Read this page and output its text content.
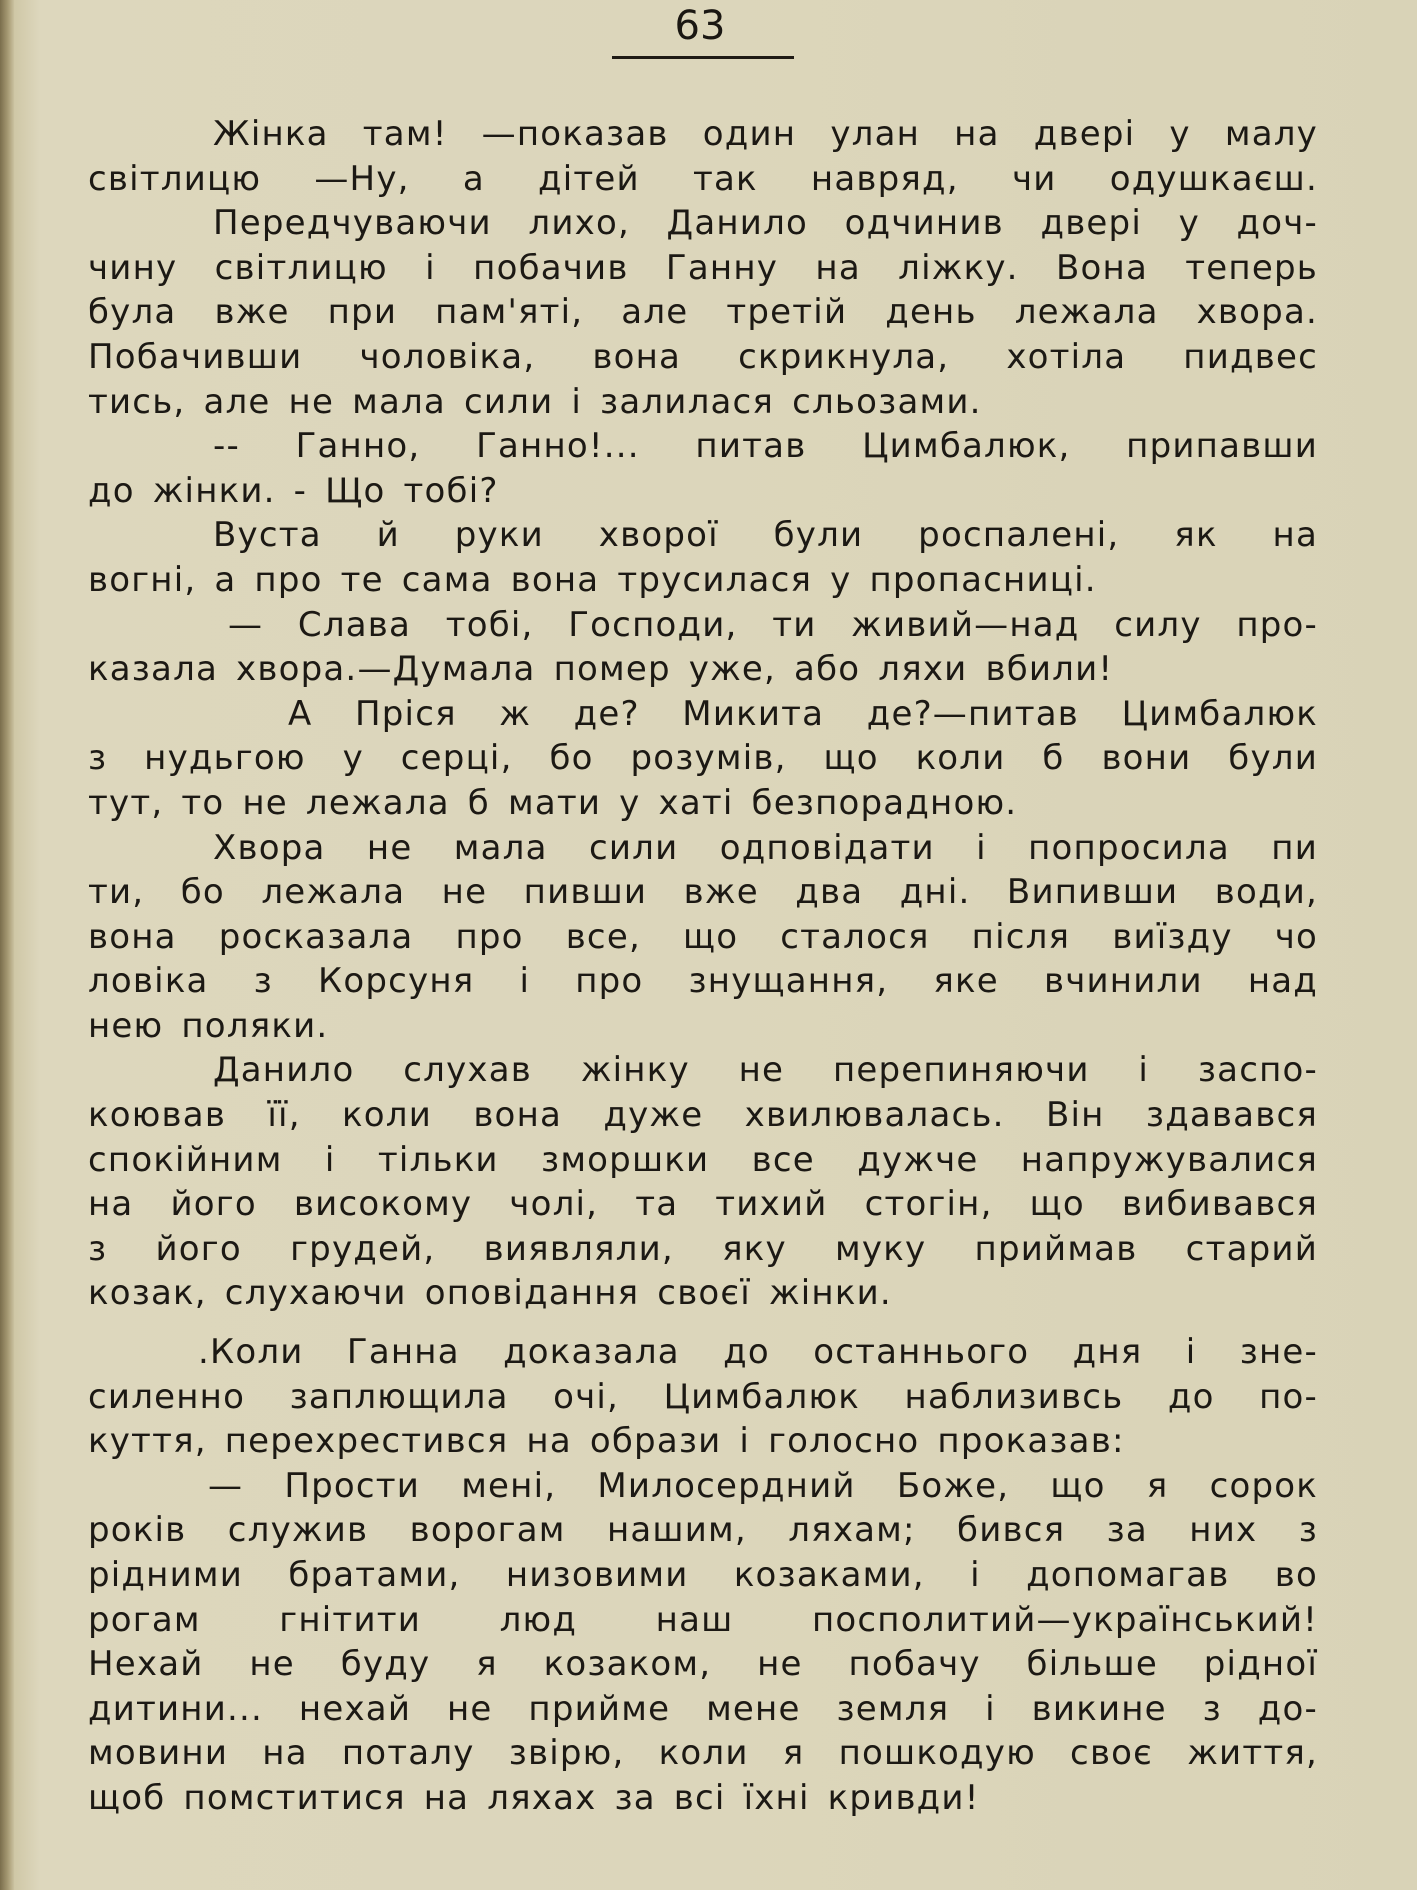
63
Жінка там! —показав один улан на двері у малу
світлицю —Ну, а дітей так навряд, чи одушкаєш.
Передчуваючи лихо, Данило одчинив двері у доч-
чину світлицю і побачив Ганну на ліжку. Вона теперь
була вже при пам'яті, але третій день лежала хвора.
Побачивши чоловіка, вона скрикнула, хотіла пидвес
тись, але не мала сили і залилася сльозами.
-- Ганно, Ганно!... питав Цимбалюк, припавши
до жінки. - Що тобі?
Вуста й руки хворої були роспалені, як на
вогні, а про те сама вона трусилася у пропасниці.
— Слава тобі, Господи, ти живий—над силу про-
казала хвора.—Думала помер уже, або ляхи вбили!
А Пріся ж де? Микита де?—питав Цимбалюк
з нудьгою у серці, бо розумів, що коли б вони були
тут, то не лежала б мати у хаті безпорадною.
Хвора не мала сили одповідати і попросила пи
ти, бо лежала не пивши вже два дні. Випивши води,
вона росказала про все, що сталося після виїзду чо
ловіка з Корсуня і про знущання, яке вчинили над
нею поляки.
Данило слухав жінку не перепиняючи і заспо-
коював її, коли вона дуже хвилювалась. Він здавався
спокійним і тільки зморшки все дужче напружувалися
на його високому чолі, та тихий стогін, що вибивався
з його грудей, виявляли, яку муку приймав старий
козак, слухаючи оповідання своєї жінки.
.Коли Ганна доказала до останнього дня і зне-
силенно заплющила очі, Цимбалюк наблизивсь до по-
куття, перехрестився на образи і голосно проказав:
— Прости мені, Милосердний Боже, що я сорок
років служив ворогам нашим, ляхам; бився за них з
рідними братами, низовими козаками, і допомагав во
рогам гнітити люд наш посполитий—український!
Нехай не буду я козаком, не побачу більше рідної
дитини... нехай не прийме мене земля і викине з до-
мовини на поталу звірю, коли я пошкодую своє життя,
щоб помститися на ляхах за всі їхні кривди!
